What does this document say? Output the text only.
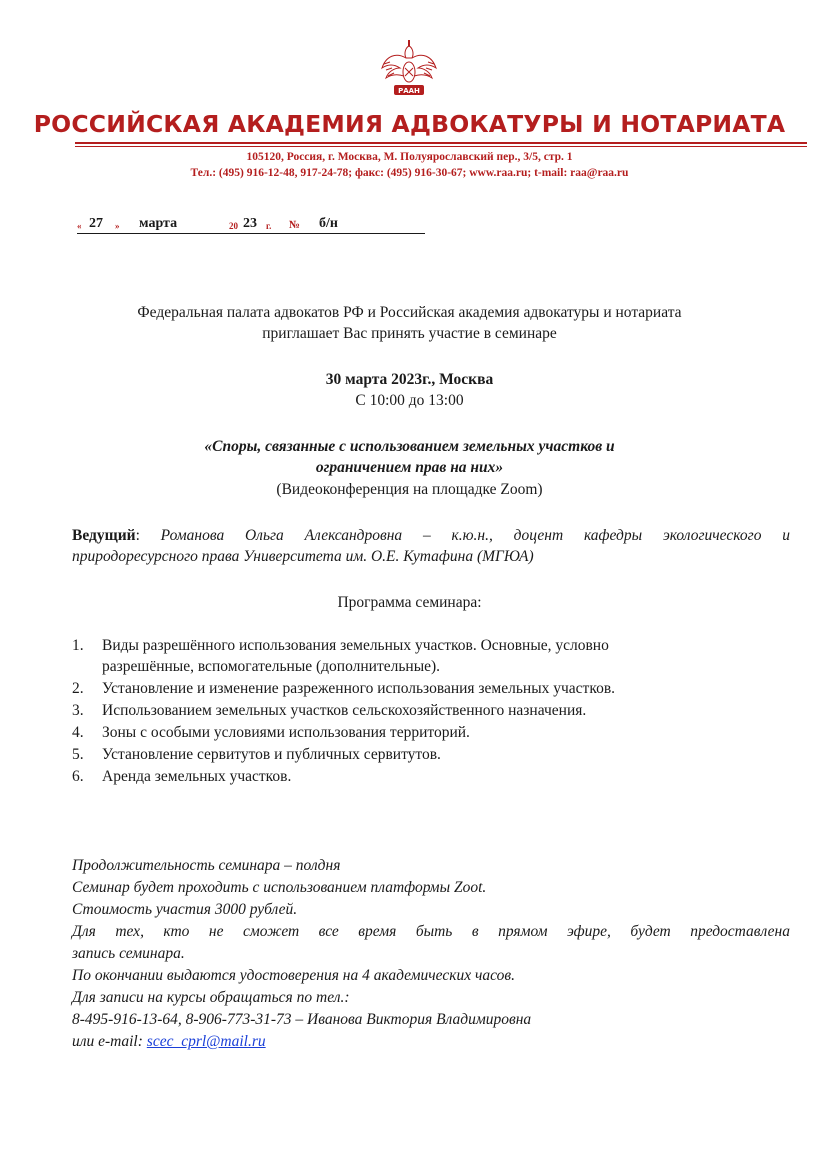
РААН
РОССИЙСКАЯ АКАДЕМИЯ АДВОКАТУРЫ И НОТАРИАТА
105120, Россия, г. Москва, М. Полуярославский пер., 3/5, стр. 1
Тел.: (495) 916-12-48, 917-24-78; факс: (495) 916-30-67; www.raa.ru; t-mail: raa@raa.ru
« 27 » марта	20 23 г. № б/н
Федеральная палата адвокатов РФ и Российская академия адвокатуры и нотариата
приглашает Вас принять участие в семинаре
30 марта 2023г., Москва
С 10:00 до 13:00
«Споры, связанные с использованием земельных участков и
ограничением прав на них»
(Видеоконференция на площадке Zoom)
Ведущий: Романова Ольга Александровна – к.ю.н., доцент кафедры экологического и
природоресурсного права Университета им. О.Е. Кутафина (МГЮА)
Программа семинара:
1.	Виды разрешённого использования земельных участков. Основные, условно
разрешённые, вспомогательные (дополнительные).
2.	Установление и изменение разреженного использования земельных участков.
3.	Использованием земельных участков сельскохозяйственного назначения.
4.	Зоны с особыми условиями использования территорий.
5.	Установление сервитутов и публичных сервитутов.
6.	Аренда земельных участков.
Продолжительность семинара – полдня
Семинар будет проходить с использованием платформы Zoot.
Стоимость участия 3000 рублей.
Для тех, кто не сможет все время быть в прямом эфире, будет предоставлена
запись семинара.
По окончании выдаются удостоверения на 4 академических часов.
Для записи на курсы обращаться по тел.:
8-495-916-13-64, 8-906-773-31-73 – Иванова Виктория Владимировна
или e-mail: scec_cprl@mail.ru
